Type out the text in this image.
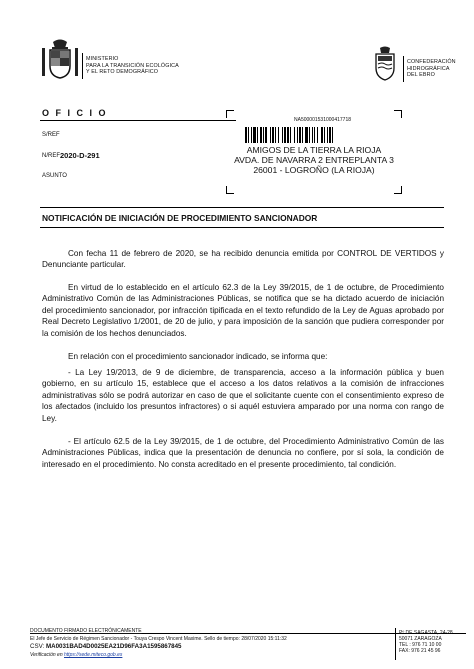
MINISTERIO
PARA LA TRANSICIÓN ECOLÓGICA
Y EL RETO DEMOGRÁFICO
CONFEDERACIÓN
HIDROGRÁFICA
DEL EBRO
O F I C I O
S/REF
N/REF 2020-D-291
ASUNTO
NA500001531000417718
AMIGOS DE LA TIERRA LA RIOJA
AVDA. DE NAVARRA 2 ENTREPLANTA 3
26001 - LOGROÑO (LA RIOJA)
NOTIFICACIÓN DE INICIACIÓN DE PROCEDIMIENTO SANCIONADOR
Con fecha 11 de febrero de 2020, se ha recibido denuncia emitida por CONTROL DE VERTIDOS y Denunciante particular.
En virtud de lo establecido en el artículo 62.3 de la Ley 39/2015, de 1 de octubre, de Procedimiento Administrativo Común de las Administraciones Públicas, se notifica que se ha dictado acuerdo de iniciación del procedimiento sancionador, por infracción tipificada en el texto refundido de la Ley de Aguas aprobado por Real Decreto Legislativo 1/2001, de 20 de julio, y para imposición de la sanción que pudiera corresponder por la comisión de los hechos denunciados.
En relación con el procedimiento sancionador indicado, se informa que:
- La Ley 19/2013, de 9 de diciembre, de transparencia, acceso a la información pública y buen gobierno, en su artículo 15, establece que el acceso a los datos relativos a la comisión de infracciones administrativas sólo se podrá autorizar en caso de que el solicitante cuente con el consentimiento expreso de los afectados (incluido los presuntos infractores) o si aquél estuviera amparado por una norma con rango de Ley.
- El artículo 62.5 de la Ley 39/2015, de 1 de octubre, del Procedimiento Administrativo Común de las Administraciones Públicas, indica que la presentación de denuncia no confiere, por sí sola, la condición de interesado en el procedimiento. No consta acreditado en el presente procedimiento, tal condición.
DOCUMENTO FIRMADO ELECTRÓNICAMENTE
El Jefe de Servicio de Régimen Sancionador - Touya Crespo Vincent Maxime. Sello de tiempo: 28/07/2020 15:11:32
CSV: MA0031BAD4D0025EA21D96FA3A1595867845
Verificación en https://sede.miteco.gob.es
Pº DE SAGASTA, 24-28
50071 ZARAGOZA
TEL : 976 71 10 00
FAX: 976 21 45 96
